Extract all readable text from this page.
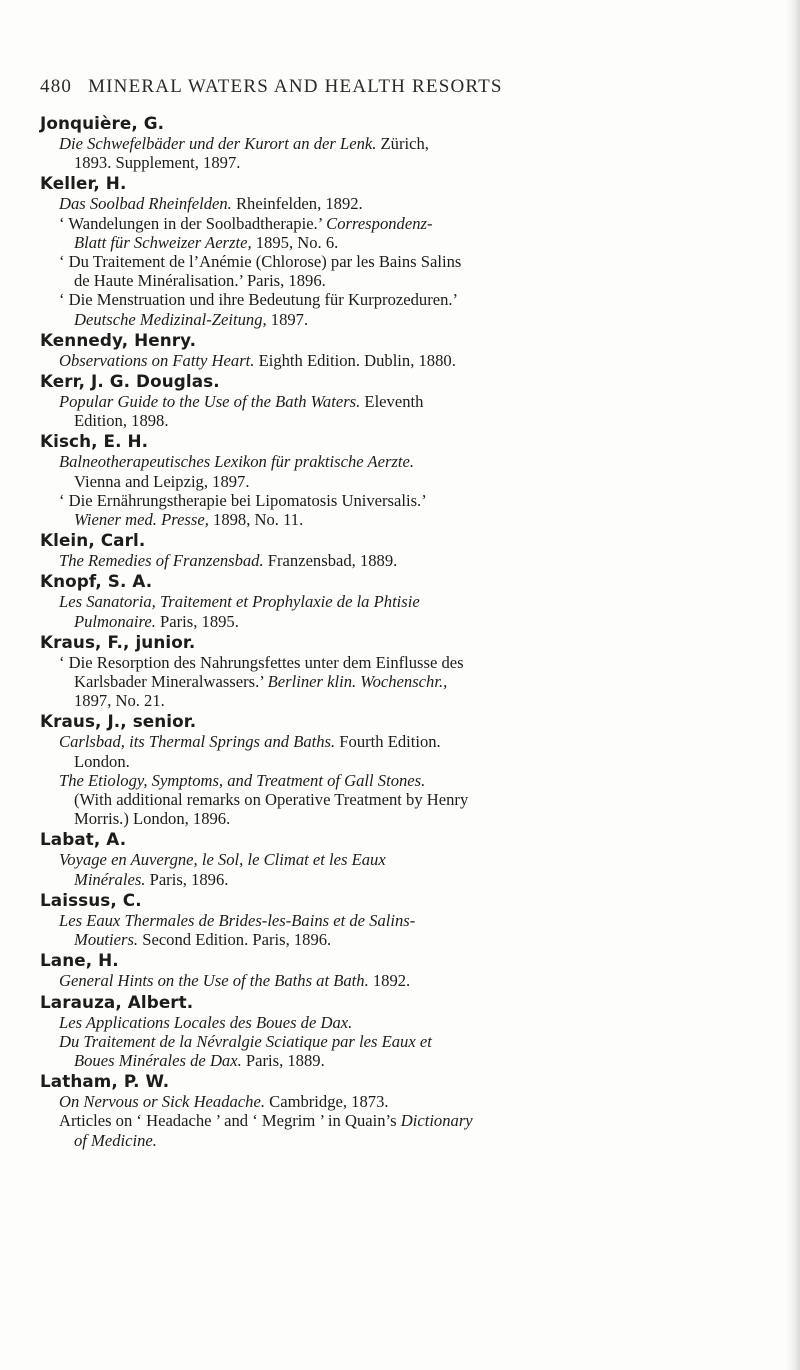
480 MINERAL WATERS AND HEALTH RESORTS
Jonquière, G.
Die Schwefelbäder und der Kurort an der Lenk. Zürich,
1893. Supplement, 1897.
Keller, H.
Das Soolbad Rheinfelden. Rheinfelden, 1892.
‘ Wandelungen in der Soolbadtherapie.’ Correspondenz-
Blatt für Schweizer Aerzte, 1895, No. 6.
‘ Du Traitement de l’Anémie (Chlorose) par les Bains Salins
de Haute Minéralisation.’ Paris, 1896.
‘ Die Menstruation und ihre Bedeutung für Kurprozeduren.’
Deutsche Medizinal-Zeitung, 1897.
Kennedy, Henry.
Observations on Fatty Heart. Eighth Edition. Dublin, 1880.
Kerr, J. G. Douglas.
Popular Guide to the Use of the Bath Waters. Eleventh
Edition, 1898.
Kisch, E. H.
Balneotherapeutisches Lexikon für praktische Aerzte.
Vienna and Leipzig, 1897.
‘ Die Ernährungstherapie bei Lipomatosis Universalis.’
Wiener med. Presse, 1898, No. 11.
Klein, Carl.
The Remedies of Franzensbad. Franzensbad, 1889.
Knopf, S. A.
Les Sanatoria, Traitement et Prophylaxie de la Phtisie
Pulmonaire. Paris, 1895.
Kraus, F., junior.
‘ Die Resorption des Nahrungsfettes unter dem Einflusse des
Karlsbader Mineralwassers.’ Berliner klin. Wochenschr.,
1897, No. 21.
Kraus, J., senior.
Carlsbad, its Thermal Springs and Baths. Fourth Edition.
London.
The Etiology, Symptoms, and Treatment of Gall Stones.
(With additional remarks on Operative Treatment by Henry
Morris.) London, 1896.
Labat, A.
Voyage en Auvergne, le Sol, le Climat et les Eaux
Minérales. Paris, 1896.
Laissus, C.
Les Eaux Thermales de Brides-les-Bains et de Salins-
Moutiers. Second Edition. Paris, 1896.
Lane, H.
General Hints on the Use of the Baths at Bath. 1892.
Larauza, Albert.
Les Applications Locales des Boues de Dax.
Du Traitement de la Névralgie Sciatique par les Eaux et
Boues Minérales de Dax. Paris, 1889.
Latham, P. W.
On Nervous or Sick Headache. Cambridge, 1873.
Articles on ‘ Headache ’ and ‘ Megrim ’ in Quain’s Dictionary
of Medicine.
